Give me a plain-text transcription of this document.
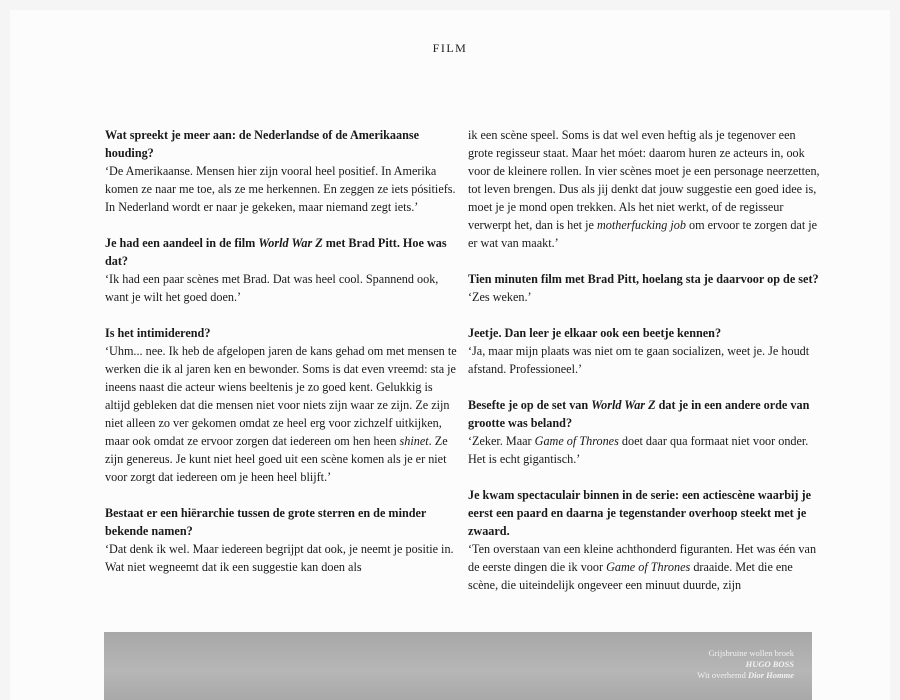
FILM
Wat spreekt je meer aan: de Nederlandse of de Amerikaanse houding?
‘De Amerikaanse. Mensen hier zijn vooral heel positief. In Amerika komen ze naar me toe, als ze me herkennen. En zeggen ze iets pósitiefs. In Nederland wordt er naar je gekeken, maar niemand zegt iets.’
Je had een aandeel in de film World War Z met Brad Pitt. Hoe was dat?
‘Ik had een paar scènes met Brad. Dat was heel cool. Spannend ook, want je wilt het goed doen.’
Is het intimiderend?
‘Uhm... nee. Ik heb de afgelopen jaren de kans gehad om met mensen te werken die ik al jaren ken en bewonder. Soms is dat even vreemd: sta je ineens naast die acteur wiens beeltenis je zo goed kent. Gelukkig is altijd gebleken dat die mensen niet voor niets zijn waar ze zijn. Ze zijn niet alleen zo ver gekomen omdat ze heel erg voor zichzelf uitkijken, maar ook omdat ze ervoor zorgen dat iedereen om hen heen shinet. Ze zijn genereus. Je kunt niet heel goed uit een scène komen als je er niet voor zorgt dat iedereen om je heen heel blijft.’
Bestaat er een hiërarchie tussen de grote sterren en de minder bekende namen?
‘Dat denk ik wel. Maar iedereen begrijpt dat ook, je neemt je positie in. Wat niet wegneemt dat ik een suggestie kan doen als
ik een scène speel. Soms is dat wel even heftig als je tegenover een grote regisseur staat. Maar het móet: daarom huren ze acteurs in, ook voor de kleinere rollen. In vier scènes moet je een personage neerzetten, tot leven brengen. Dus als jij denkt dat jouw suggestie een goed idee is, moet je je mond open trekken. Als het niet werkt, of de regisseur verwerpt het, dan is het je motherfucking job om ervoor te zorgen dat je er wat van maakt.’
Tien minuten film met Brad Pitt, hoelang sta je daarvoor op de set?
‘Zes weken.’
Jeetje. Dan leer je elkaar ook een beetje kennen?
‘Ja, maar mijn plaats was niet om te gaan socializen, weet je. Je houdt afstand. Professioneel.’
Besefte je op de set van World War Z dat je in een andere orde van grootte was beland?
‘Zeker. Maar Game of Thrones doet daar qua formaat niet voor onder. Het is echt gigantisch.’
Je kwam spectaculair binnen in de serie: een actiescène waarbij je eerst een paard en daarna je tegenstander overhoop steekt met je zwaard.
‘Ten overstaan van een kleine achthonderd figuranten. Het was één van de eerste dingen die ik voor Game of Thrones draaide. Met die ene scène, die uiteindelijk ongeveer een minuut duurde, zijn
Grijsbruine wollen broek
HUGO BOSS
Wit overhemd Dior Homme
